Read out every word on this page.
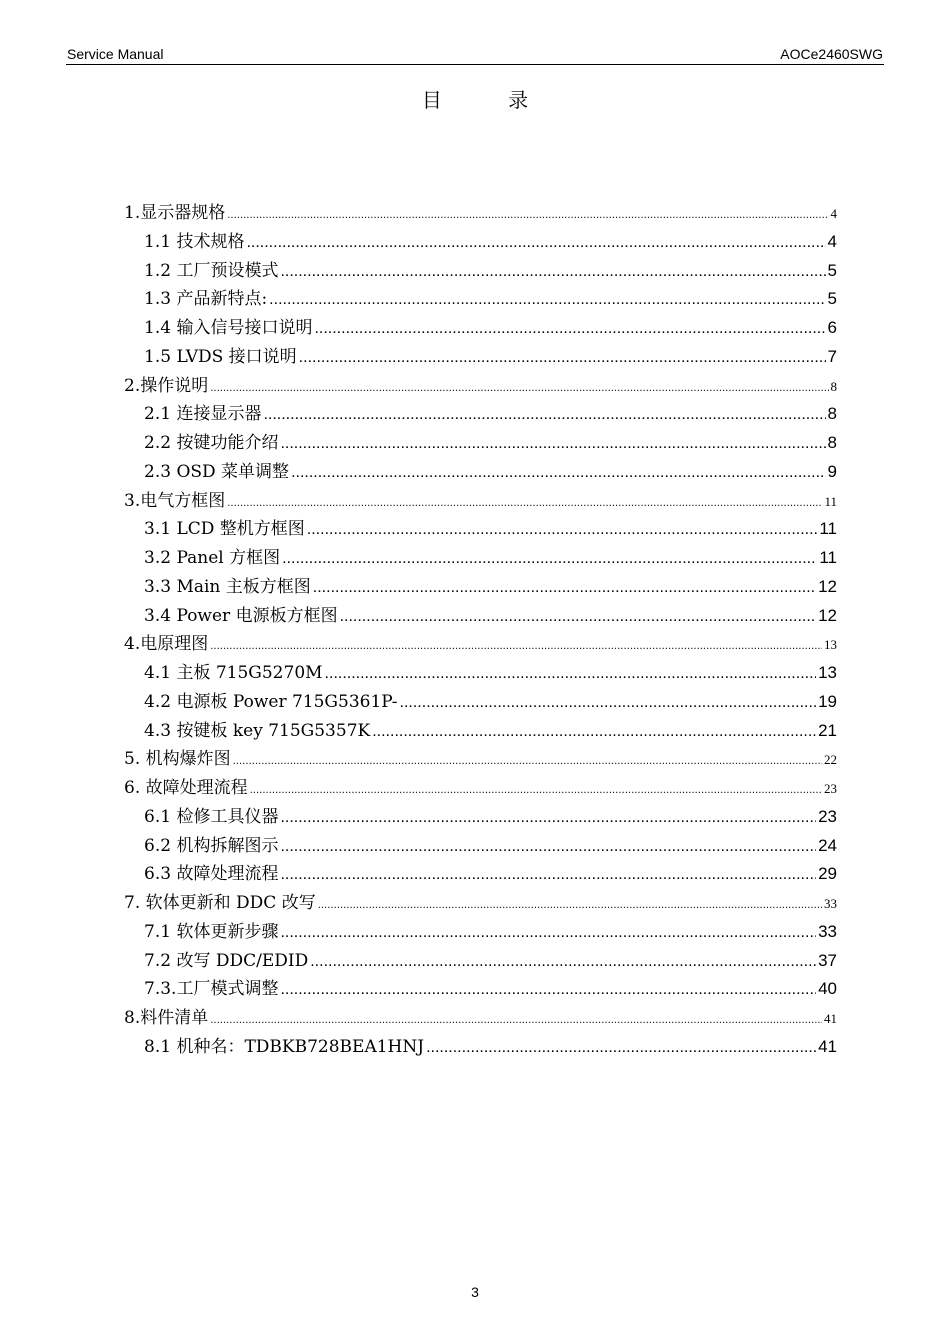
Service Manual	AOCe2460SWG
目 录
1.显示器规格 .....	4
1.1 技术规格 .....	4
1.2 工厂预设模式 .....	5
1.3 产品新特点: .....	5
1.4 输入信号接口说明 .....	6
1.5 LVDS 接口说明 .....	7
2.操作说明 .....	8
2.1 连接显示器 .....	8
2.2 按键功能介绍 .....	8
2.3 OSD 菜单调整 .....	9
3.电气方框图 .....	11
3.1 LCD 整机方框图 .....	11
3.2 Panel 方框图 .....	11
3.3 Main 主板方框图 .....	12
3.4 Power 电源板方框图 .....	12
4.电原理图 .....	13
4.1 主板 715G5270M .....	13
4.2 电源板 Power 715G5361P- .....	19
4.3 按键板 key 715G5357K .....	21
5. 机构爆炸图 .....	22
6. 故障处理流程 .....	23
6.1 检修工具仪器 .....	23
6.2 机构拆解图示 .....	24
6.3 故障处理流程 .....	29
7. 软体更新和 DDC 改写 .....	33
7.1 软体更新步骤 .....	33
7.2 改写 DDC/EDID .....	37
7.3.工厂模式调整 .....	40
8.料件清单 .....	41
8.1 机种名：TDBKB728BEA1HNJ .....	41
3
